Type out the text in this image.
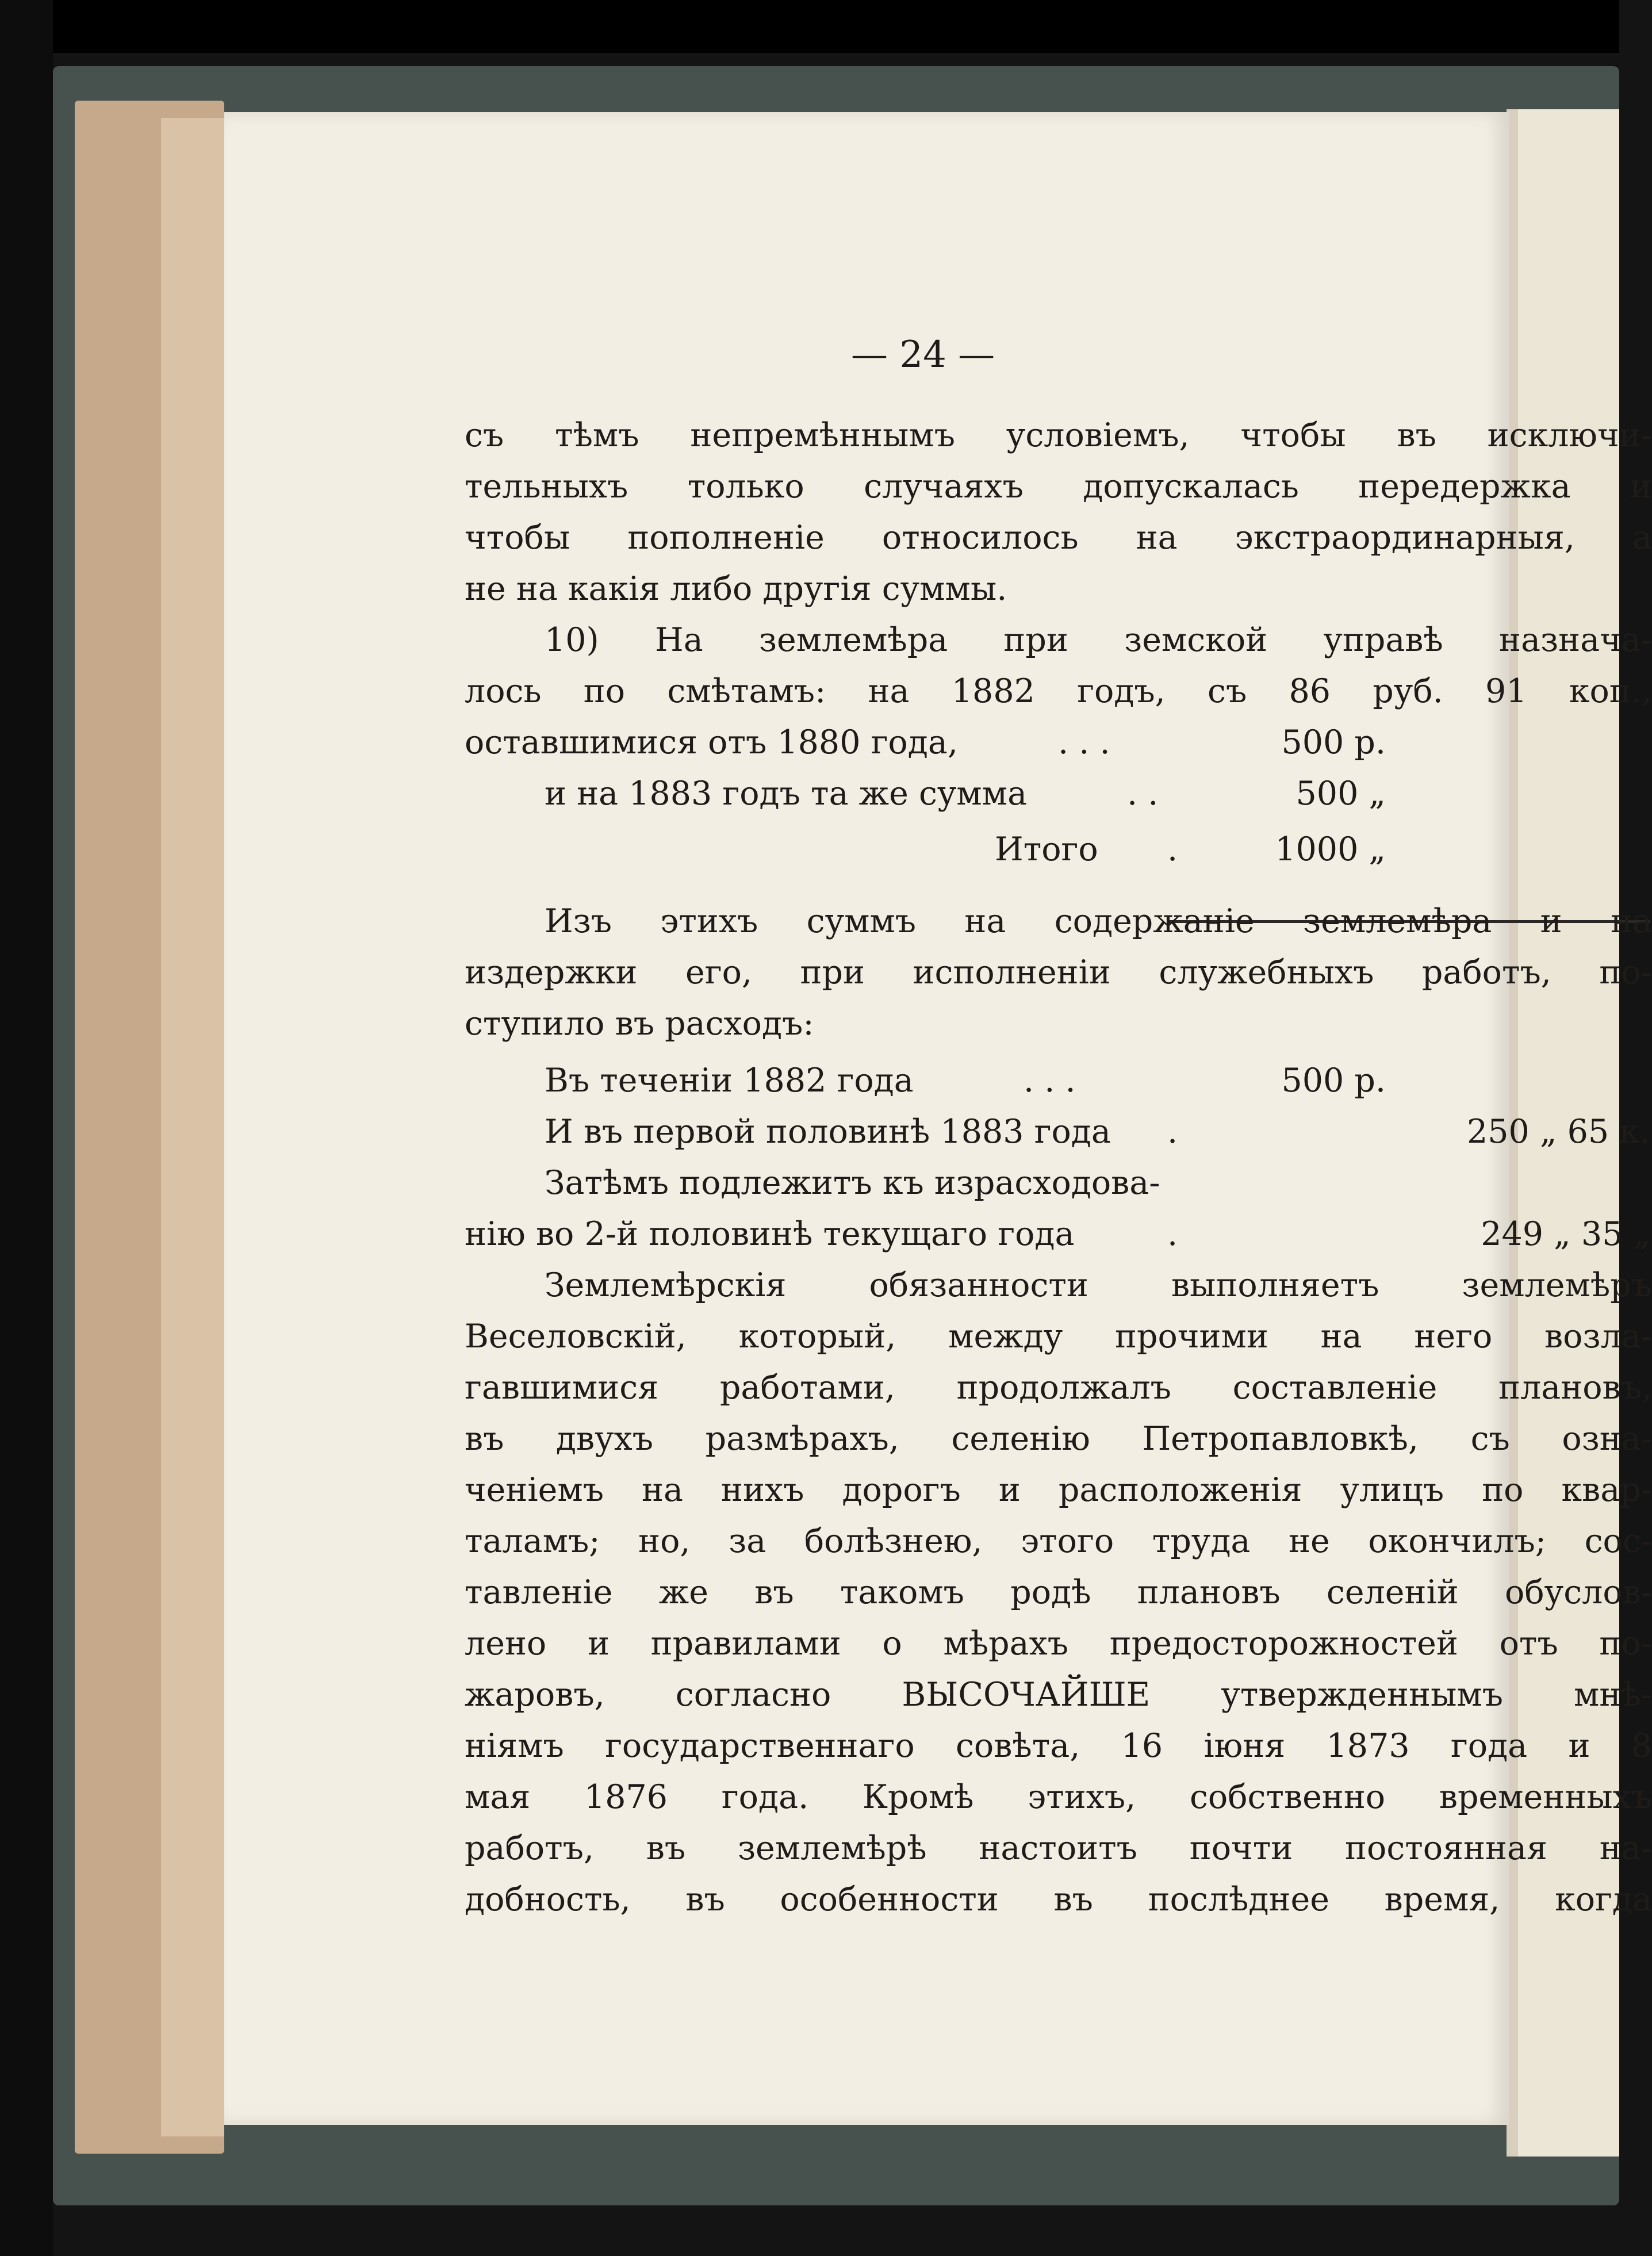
— 24 —
съ тѣмъ непремѣннымъ условіемъ, чтобы въ исключи-
тельныхъ только случаяхъ допускалась передержка и
чтобы пополненіе относилось на экстраординарныя, а
не на какія либо другія суммы.
10) На землемѣра при земской управѣ назнача-
лось по смѣтамъ: на 1882 годъ, съ 86 руб. 91 коп.,
оставшимися отъ 1880 года,	. . .	500 р.
и на 1883 годъ та же сумма	. .	500 „
Итого .	1000 „
Изъ этихъ суммъ на содержаніе землемѣра и на
издержки его, при исполненіи служебныхъ работъ, по-
ступило въ расходъ:
Въ теченіи 1882 года	. . .	500 р.
И въ первой половинѣ 1883 года .	250 „ 65 к.
Затѣмъ подлежитъ къ израсходова-
нію во 2-й половинѣ текущаго года	.	249 „ 35 „
Землемѣрскія обязанности выполняетъ землемѣръ
Веселовскій, который, между прочими на него возла-
гавшимися работами, продолжалъ составленіе плановъ,
въ двухъ размѣрахъ, селенію Петропавловкѣ, съ озна-
ченіемъ на нихъ дорогъ и расположенія улицъ по квар-
таламъ; но, за болѣзнею, этого труда не окончилъ; сос-
тавленіе же въ такомъ родѣ плановъ селеній обуслов-
лено и правилами о мѣрахъ предосторожностей отъ по-
жаровъ, согласно ВЫСОЧАЙШЕ утвержденнымъ мнѣ-
ніямъ государственнаго совѣта, 16 іюня 1873 года и 8
мая 1876 года. Кромѣ этихъ, собственно временныхъ
работъ, въ землемѣрѣ настоитъ почти постоянная на-
добность, въ особенности въ послѣднее время, когда
